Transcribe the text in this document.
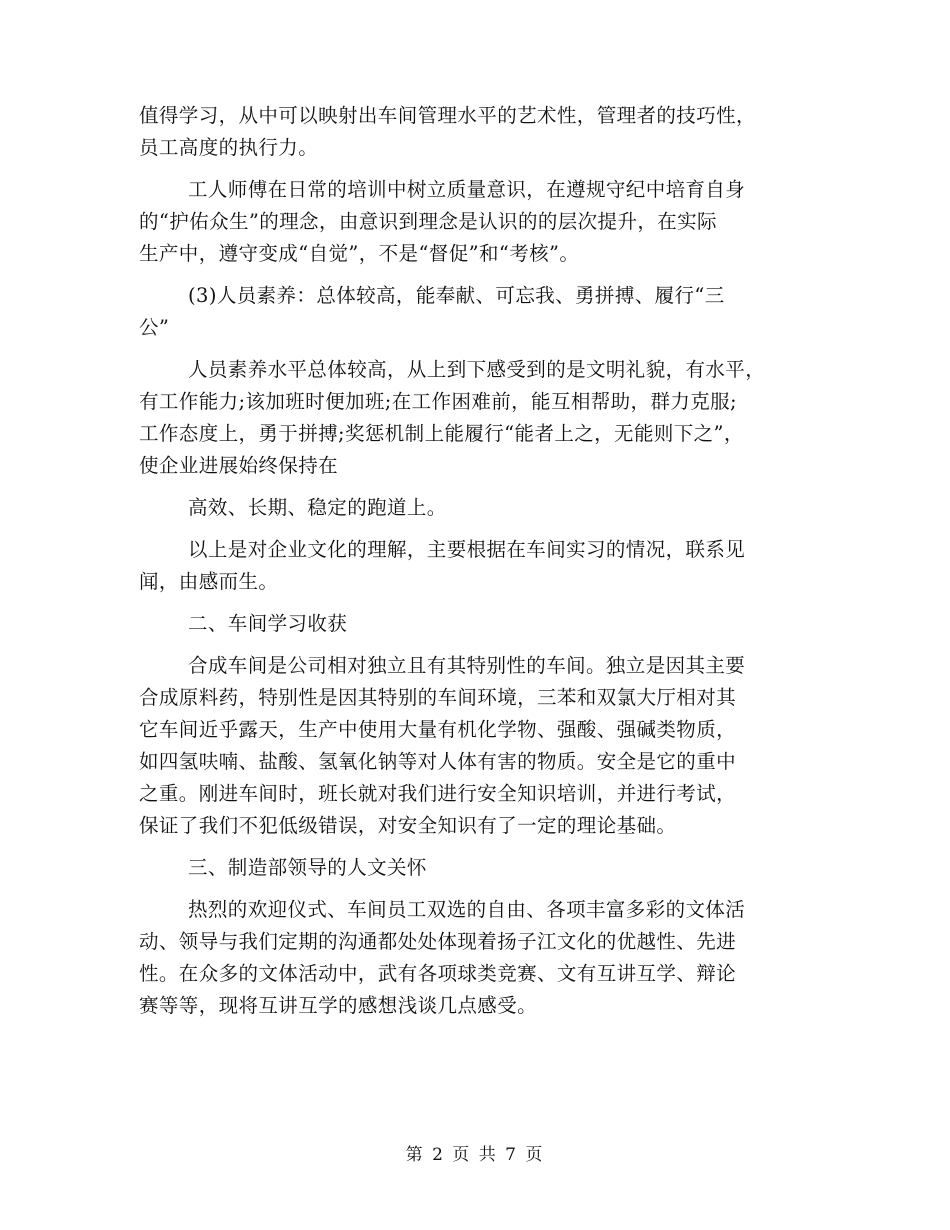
值得学习，从中可以映射出车间管理水平的艺术性，管理者的技巧性，
员工高度的执行力。
工人师傅在日常的培训中树立质量意识，在遵规守纪中培育自身
的“护佑众生”的理念，由意识到理念是认识的的层次提升，在实际
生产中，遵守变成“自觉”，不是“督促”和“考核”。
(3)人员素养：总体较高，能奉献、可忘我、勇拼搏、履行“三
公”
人员素养水平总体较高，从上到下感受到的是文明礼貌，有水平，
有工作能力;该加班时便加班;在工作困难前，能互相帮助，群力克服;
工作态度上，勇于拼搏;奖惩机制上能履行“能者上之，无能则下之”，
使企业进展始终保持在
高效、长期、稳定的跑道上。
以上是对企业文化的理解，主要根据在车间实习的情况，联系见
闻，由感而生。
二、车间学习收获
合成车间是公司相对独立且有其特别性的车间。独立是因其主要
合成原料药，特别性是因其特别的车间环境，三苯和双氯大厅相对其
它车间近乎露天，生产中使用大量有机化学物、强酸、强碱类物质，
如四氢呋喃、盐酸、氢氧化钠等对人体有害的物质。安全是它的重中
之重。刚进车间时，班长就对我们进行安全知识培训，并进行考试，
保证了我们不犯低级错误，对安全知识有了一定的理论基础。
三、制造部领导的人文关怀
热烈的欢迎仪式、车间员工双选的自由、各项丰富多彩的文体活
动、领导与我们定期的沟通都处处体现着扬子江文化的优越性、先进
性。在众多的文体活动中，武有各项球类竞赛、文有互讲互学、辩论
赛等等，现将互讲互学的感想浅谈几点感受。
第 2 页 共 7 页
